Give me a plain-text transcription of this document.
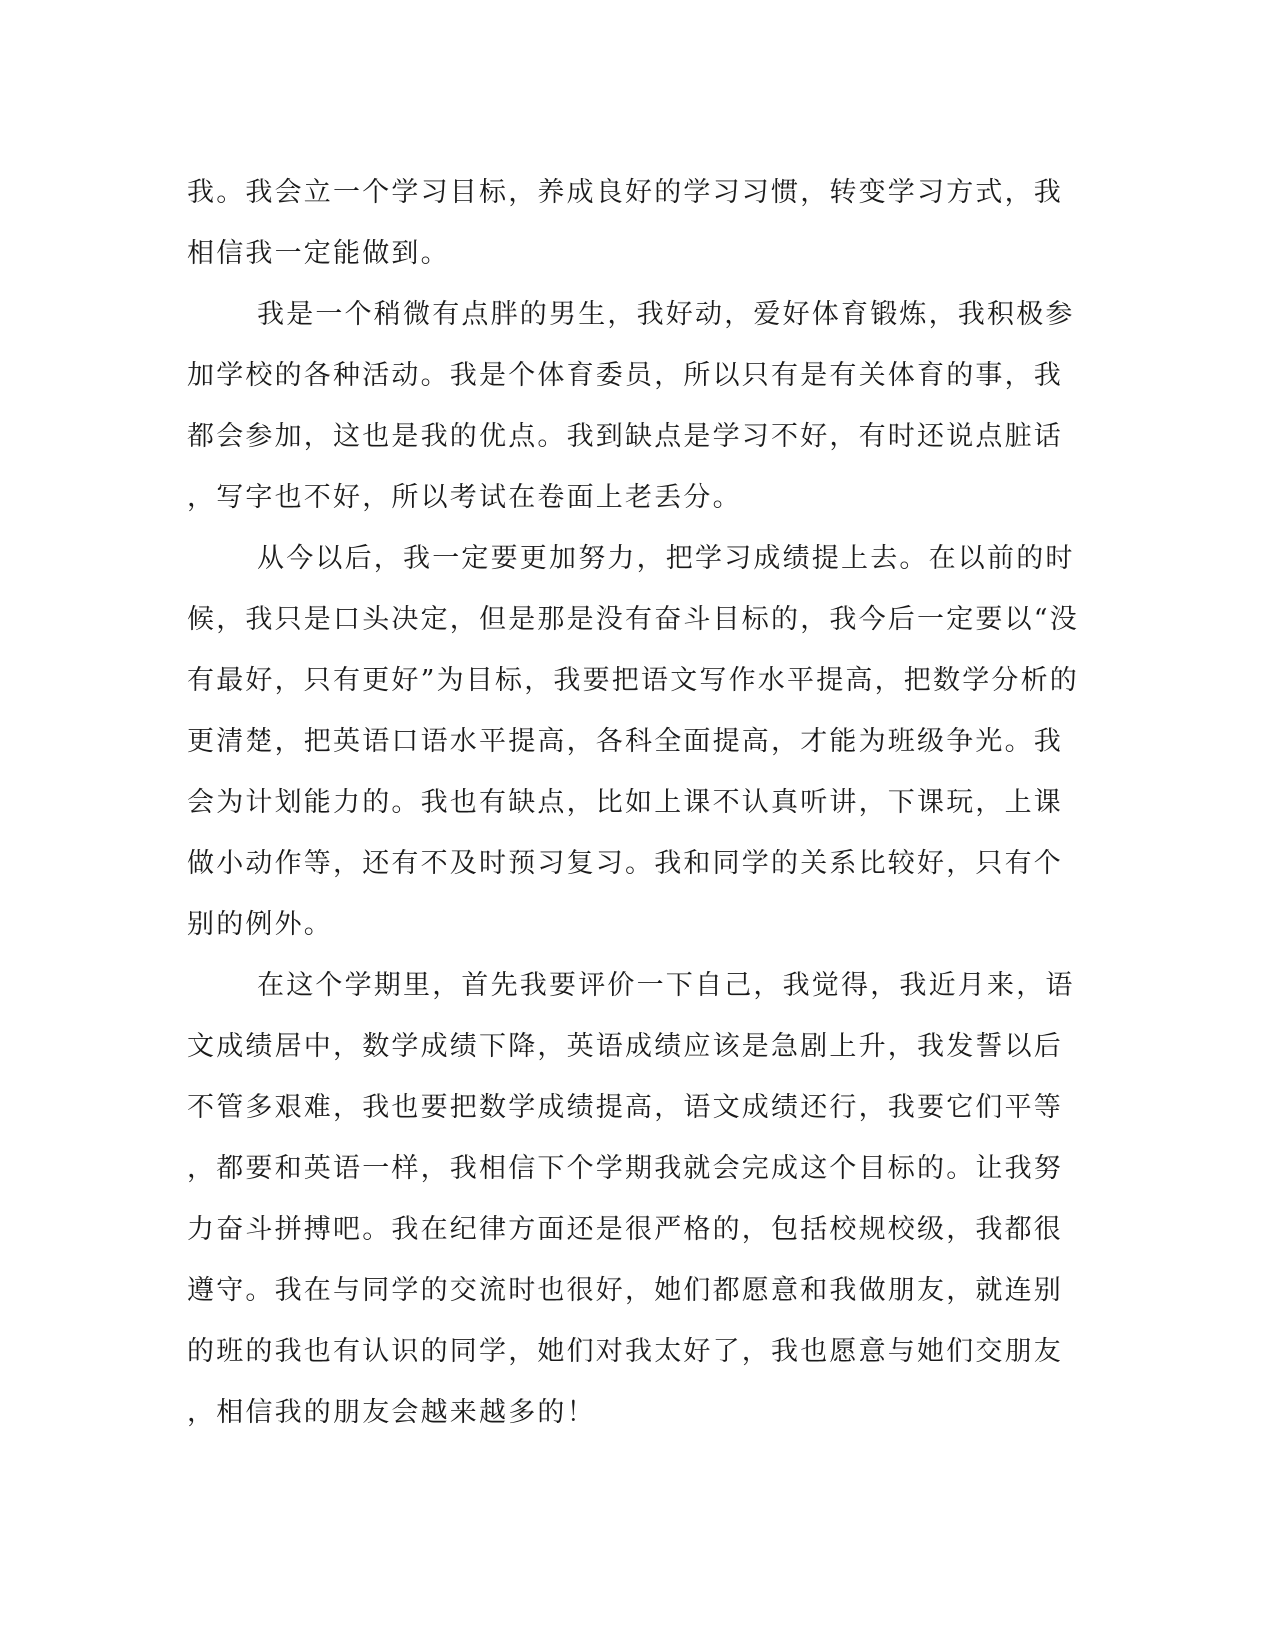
我。我会立一个学习目标，养成良好的学习习惯，转变学习方式，我
相信我一定能做到。
我是一个稍微有点胖的男生，我好动，爱好体育锻炼，我积极参
加学校的各种活动。我是个体育委员，所以只有是有关体育的事，我
都会参加，这也是我的优点。我到缺点是学习不好，有时还说点脏话
，写字也不好，所以考试在卷面上老丢分。
从今以后，我一定要更加努力，把学习成绩提上去。在以前的时
候，我只是口头决定，但是那是没有奋斗目标的，我今后一定要以“没
有最好，只有更好”为目标，我要把语文写作水平提高，把数学分析的
更清楚，把英语口语水平提高，各科全面提高，才能为班级争光。我
会为计划能力的。我也有缺点，比如上课不认真听讲，下课玩，上课
做小动作等，还有不及时预习复习。我和同学的关系比较好，只有个
别的例外。
在这个学期里，首先我要评价一下自己，我觉得，我近月来，语
文成绩居中，数学成绩下降，英语成绩应该是急剧上升，我发誓以后
不管多艰难，我也要把数学成绩提高，语文成绩还行，我要它们平等
，都要和英语一样，我相信下个学期我就会完成这个目标的。让我努
力奋斗拼搏吧。我在纪律方面还是很严格的，包括校规校级，我都很
遵守。我在与同学的交流时也很好，她们都愿意和我做朋友，就连别
的班的我也有认识的同学，她们对我太好了，我也愿意与她们交朋友
，相信我的朋友会越来越多的！
